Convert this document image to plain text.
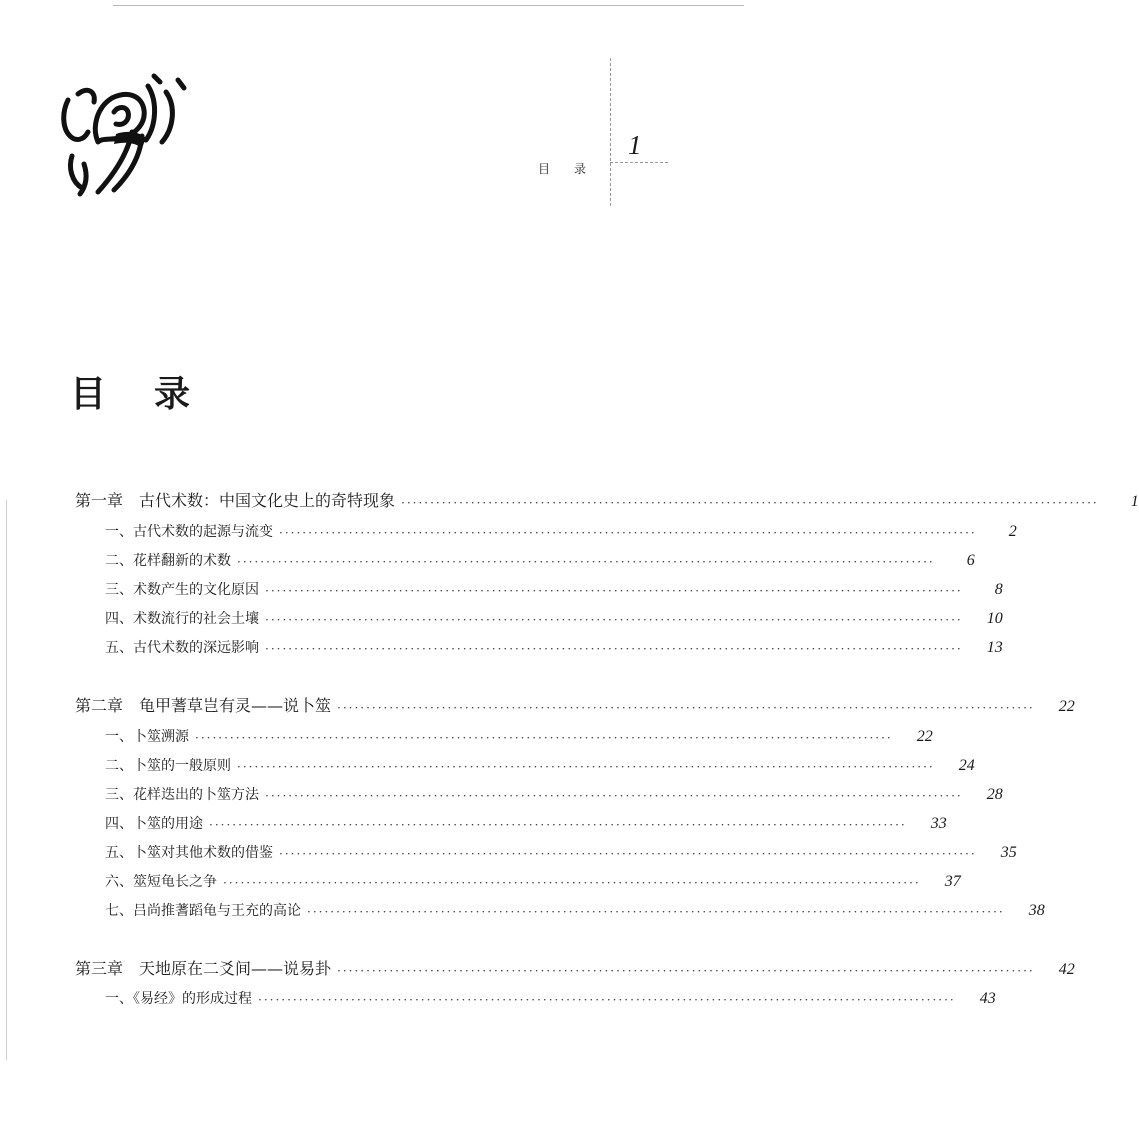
目录
1
目录
第一章　古代术数：中国文化史上的奇特现象 ························································································································	1
一、古代术数的起源与流变 ························································································································	2
二、花样翻新的术数 ························································································································	6
三、术数产生的文化原因 ························································································································	8
四、术数流行的社会土壤 ························································································································	10
五、古代术数的深远影响 ························································································································	13
第二章　龟甲蓍草岂有灵——说卜筮 ························································································································	22
一、卜筮溯源 ························································································································	22
二、卜筮的一般原则 ························································································································	24
三、花样迭出的卜筮方法 ························································································································	28
四、卜筮的用途 ························································································································	33
五、卜筮对其他术数的借鉴 ························································································································	35
六、筮短龟长之争 ························································································································	37
七、吕尚推蓍蹈龟与王充的高论 ························································································································	38
第三章　天地原在二爻间——说易卦 ························································································································	42
一、《易经》的形成过程 ························································································································	43
